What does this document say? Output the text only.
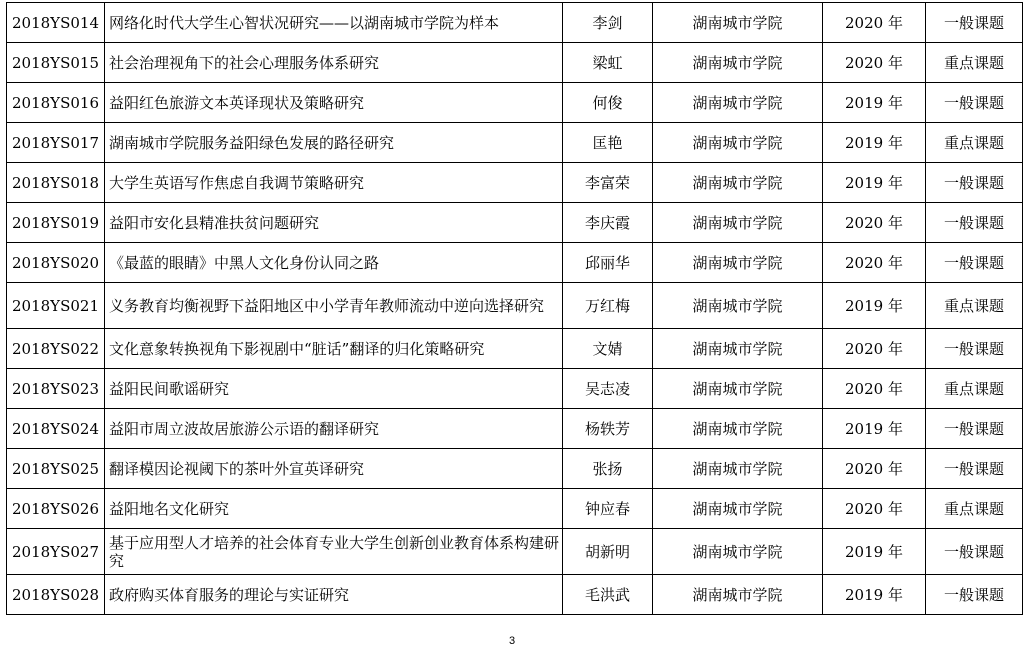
2018YS014	网络化时代大学生心智状况研究——以湖南城市学院为样本	李剑	湖南城市学院	2020 年	一般课题
2018YS015	社会治理视角下的社会心理服务体系研究	梁虹	湖南城市学院	2020 年	重点课题
2018YS016	益阳红色旅游文本英译现状及策略研究	何俊	湖南城市学院	2019 年	一般课题
2018YS017	湖南城市学院服务益阳绿色发展的路径研究	匡艳	湖南城市学院	2019 年	重点课题
2018YS018	大学生英语写作焦虑自我调节策略研究	李富荣	湖南城市学院	2019 年	一般课题
2018YS019	益阳市安化县精准扶贫问题研究	李庆霞	湖南城市学院	2020 年	一般课题
2018YS020	《最蓝的眼睛》中黑人文化身份认同之路	邱丽华	湖南城市学院	2020 年	一般课题
2018YS021	义务教育均衡视野下益阳地区中小学青年教师流动中逆向选择研究	万红梅	湖南城市学院	2019 年	重点课题
2018YS022	文化意象转换视角下影视剧中“脏话”翻译的归化策略研究	文婧	湖南城市学院	2020 年	一般课题
2018YS023	益阳民间歌谣研究	吴志凌	湖南城市学院	2020 年	重点课题
2018YS024	益阳市周立波故居旅游公示语的翻译研究	杨轶芳	湖南城市学院	2019 年	一般课题
2018YS025	翻译模因论视阈下的茶叶外宣英译研究	张扬	湖南城市学院	2020 年	一般课题
2018YS026	益阳地名文化研究	钟应春	湖南城市学院	2020 年	重点课题
2018YS027	基于应用型人才培养的社会体育专业大学生创新创业教育体系构建研究	胡新明	湖南城市学院	2019 年	一般课题
2018YS028	政府购买体育服务的理论与实证研究	毛洪武	湖南城市学院	2019 年	一般课题
3
